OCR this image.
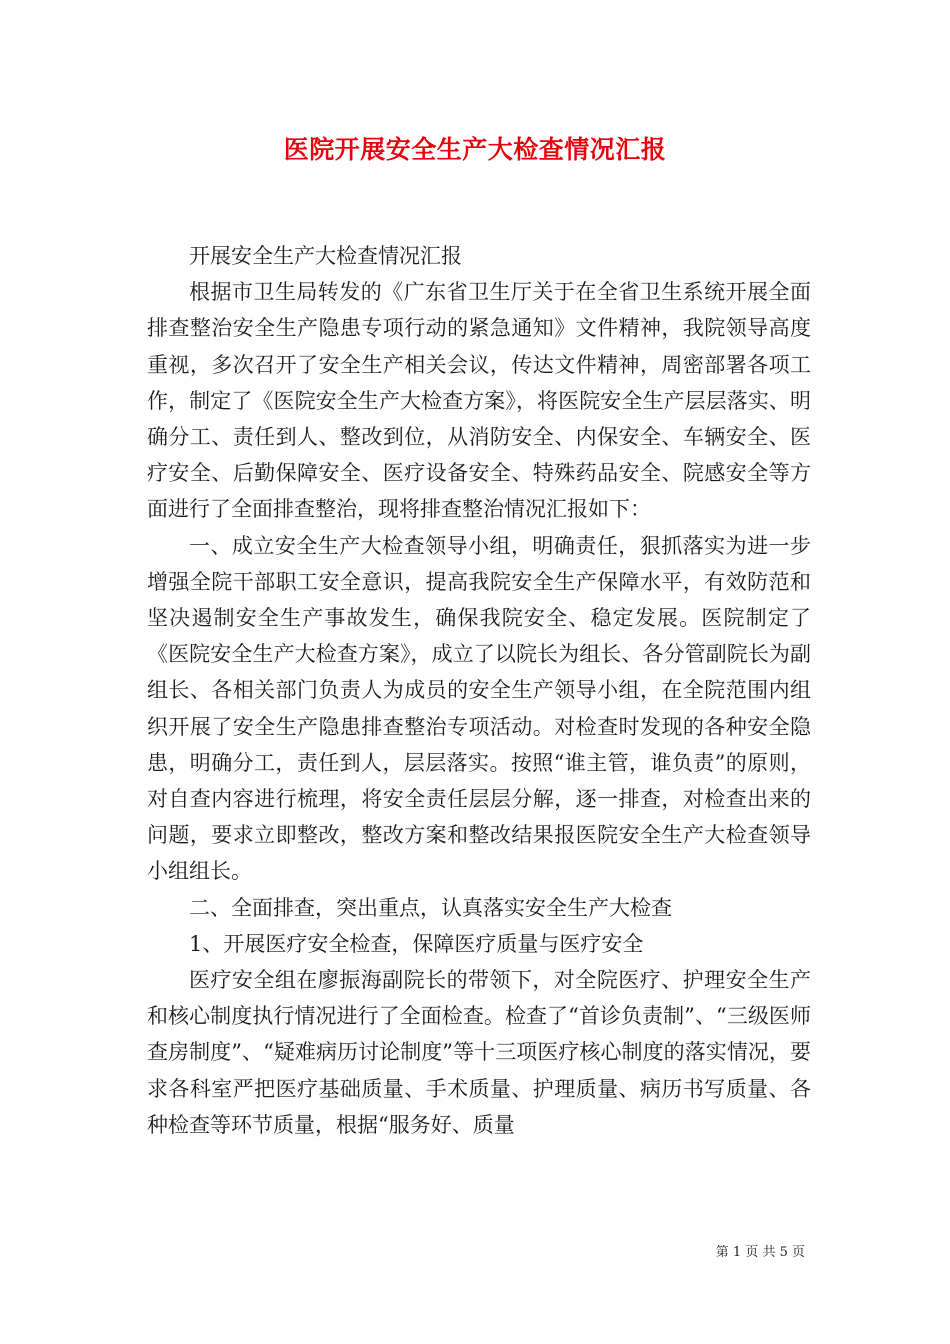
医院开展安全生产大检查情况汇报

开展安全生产大检查情况汇报

根据市卫生局转发的《广东省卫生厅关于在全省卫生系统开展全面排查整治安全生产隐患专项行动的紧急通知》文件精神，我院领导高度重视，多次召开了安全生产相关会议，传达文件精神，周密部署各项工作，制定了《医院安全生产大检查方案》，将医院安全生产层层落实、明确分工、责任到人、整改到位，从消防安全、内保安全、车辆安全、医疗安全、后勤保障安全、医疗设备安全、特殊药品安全、院感安全等方面进行了全面排查整治，现将排查整治情况汇报如下：

一、成立安全生产大检查领导小组，明确责任，狠抓落实为进一步增强全院干部职工安全意识，提高我院安全生产保障水平，有效防范和坚决遏制安全生产事故发生，确保我院安全、稳定发展。医院制定了《医院安全生产大检查方案》，成立了以院长为组长、各分管副院长为副组长、各相关部门负责人为成员的安全生产领导小组，在全院范围内组织开展了安全生产隐患排查整治专项活动。对检查时发现的各种安全隐患，明确分工，责任到人，层层落实。按照“谁主管，谁负责”的原则，对自查内容进行梳理，将安全责任层层分解，逐一排查，对检查出来的问题，要求立即整改，整改方案和整改结果报医院安全生产大检查领导小组组长。

二、全面排查，突出重点，认真落实安全生产大检查

1、开展医疗安全检查，保障医疗质量与医疗安全

医疗安全组在廖振海副院长的带领下，对全院医疗、护理安全生产和核心制度执行情况进行了全面检查。检查了“首诊负责制”、“三级医师查房制度”、“疑难病历讨论制度”等十三项医疗核心制度的落实情况，要求各科室严把医疗基础质量、手术质量、护理质量、病历书写质量、各种检查等环节质量，根据“服务好、质量

第 1 页 共 5 页
